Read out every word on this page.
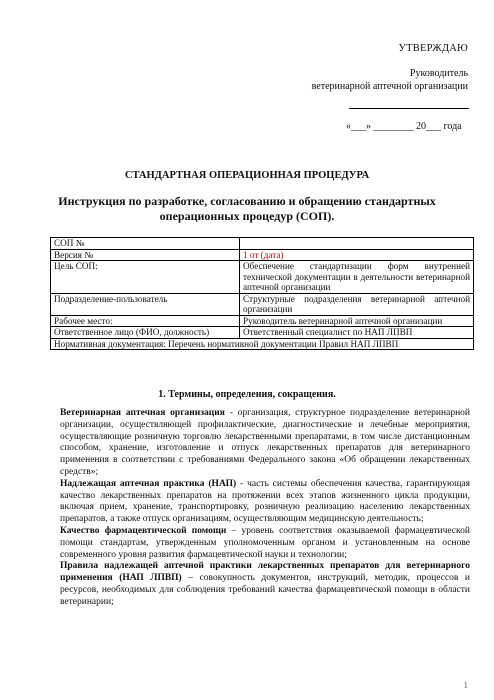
УТВЕРЖДАЮ
Руководитель
ветеринарной аптечной организации
«___» ________ 20___ года
СТАНДАРТНАЯ ОПЕРАЦИОННАЯ ПРОЦЕДУРА
Инструкция по разработке, согласованию и обращению стандартных операционных процедур (СОП).
СОП №	
Версия №	1 от (дата)
Цель СОП:	Обеспечение стандартизации форм внутренней технической документации в деятельности ветеринарной аптечной организации
Подразделение-пользователь	Структурные подразделения ветеринарной аптечной организации
Рабочее место:	Руководитель ветеринарной аптечной организации
Ответственное лицо (ФИО, должность)	Ответственный специалист по НАП ЛПВП
Нормативная документация: Перечень нормативной документации Правил НАП ЛПВП	
1. Термины, определения, сокращения.

Ветеринарная аптечная организация - организация, структурное подразделение ветеринарной организации, осуществляющей профилактические, диагностические и лечебные мероприятия, осуществляющие розничную торговлю лекарственными препаратами, в том числе дистанционным способом, хранение, изготовление и отпуск лекарственных препаратов для ветеринарного применения в соответствии с требованиями Федерального закона «Об обращении лекарственных средств»;

Надлежащая аптечная практика (НАП) - часть системы обеспечения качества, гарантирующая качество лекарственных препаратов на протяжении всех этапов жизненного цикла продукции, включая прием, хранение, транспортировку, розничную реализацию населению лекарственных препаратов, а также отпуск организациям, осуществляющим медицинскую деятельность;

Качество фармацевтической помощи – уровень соответствия оказываемой фармацевтической помощи стандартам, утвержденным уполномоченным органом и установленным на основе современного уровня развития фармацевтической науки и технологии;

Правила надлежащей аптечной практики лекарственных препаратов для ветеринарного применения (НАП ЛПВП) – совокупность документов, инструкций, методик, процессов и ресурсов, необходимых для соблюдения требований качества фармацевтической помощи в области ветеринарии;

1
